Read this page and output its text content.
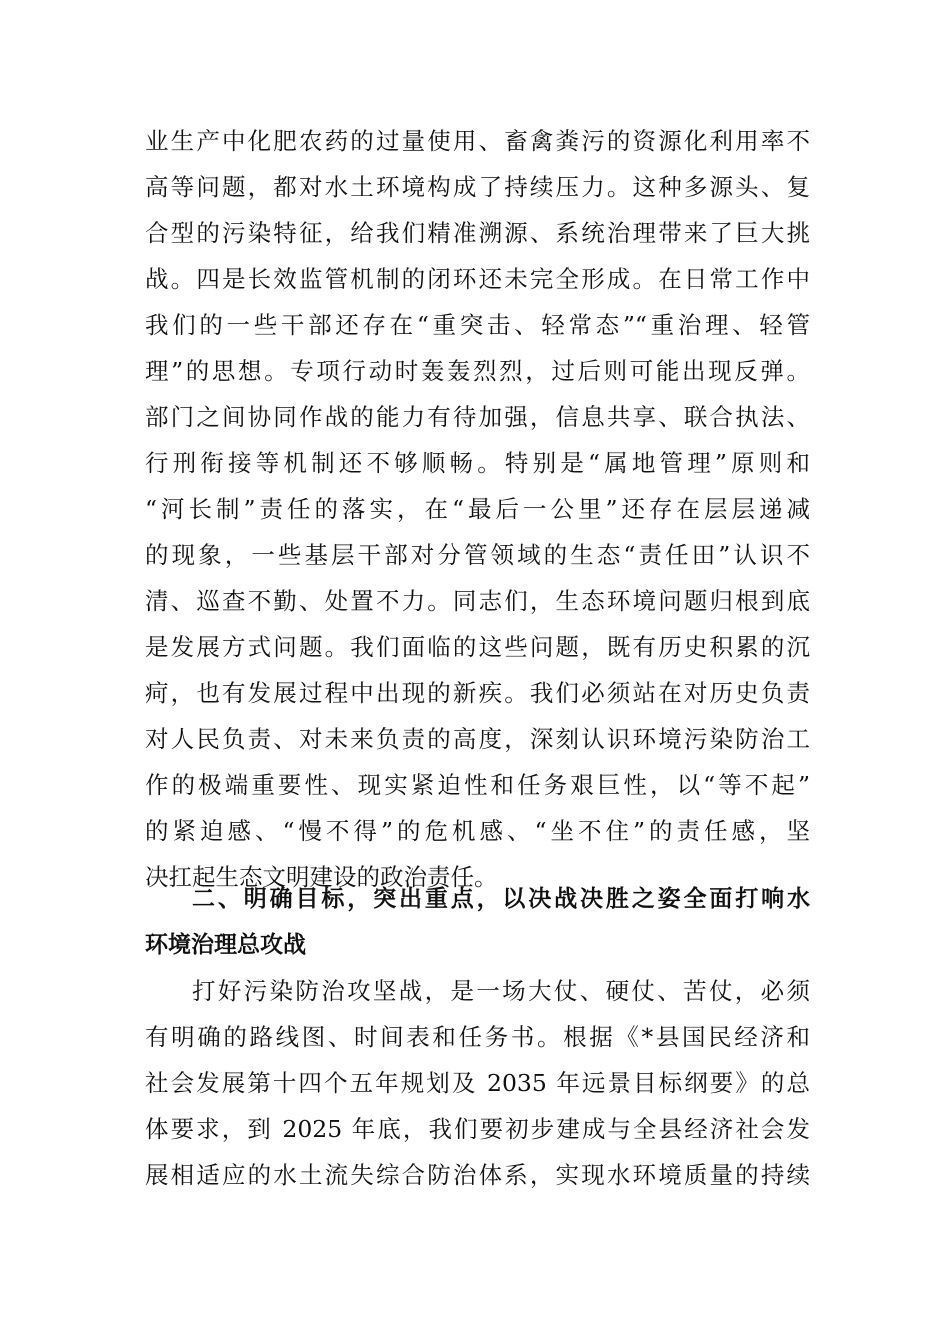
业生产中化肥农药的过量使用、畜禽粪污的资源化利用率不
高等问题，都对水土环境构成了持续压力。这种多源头、复
合型的污染特征，给我们精准溯源、系统治理带来了巨大挑
战。四是长效监管机制的闭环还未完全形成。在日常工作中
我们的一些干部还存在“重突击、轻常态”“重治理、轻管
理”的思想。专项行动时轰轰烈烈，过后则可能出现反弹。
部门之间协同作战的能力有待加强，信息共享、联合执法、
行刑衔接等机制还不够顺畅。特别是“属地管理”原则和
“河长制”责任的落实，在“最后一公里”还存在层层递减
的现象，一些基层干部对分管领域的生态“责任田”认识不
清、巡查不勤、处置不力。同志们，生态环境问题归根到底
是发展方式问题。我们面临的这些问题，既有历史积累的沉
疴，也有发展过程中出现的新疾。我们必须站在对历史负责
对人民负责、对未来负责的高度，深刻认识环境污染防治工
作的极端重要性、现实紧迫性和任务艰巨性，以“等不起”
的紧迫感、“慢不得”的危机感、“坐不住”的责任感，坚
决扛起生态文明建设的政治责任。
二、明确目标，突出重点，以决战决胜之姿全面打响水
环境治理总攻战
打好污染防治攻坚战，是一场大仗、硬仗、苦仗，必须
有明确的路线图、时间表和任务书。根据《*县国民经济和
社会发展第十四个五年规划及 2035 年远景目标纲要》的总
体要求，到 2025 年底，我们要初步建成与全县经济社会发
展相适应的水土流失综合防治体系，实现水环境质量的持续
